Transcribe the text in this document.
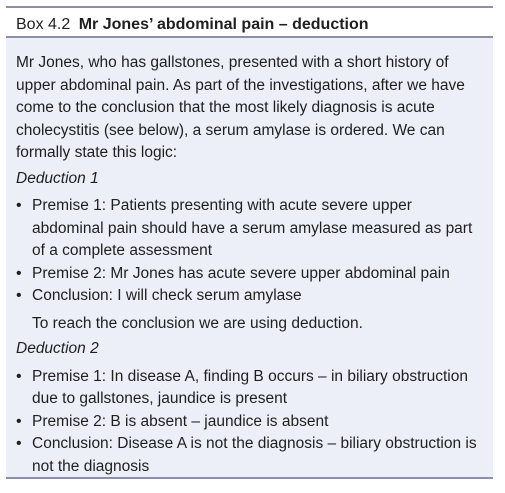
Box 4.2 Mr Jones’ abdominal pain – deduction

Mr Jones, who has gallstones, presented with a short history of upper abdominal pain. As part of the investigations, after we have come to the conclusion that the most likely diagnosis is acute cholecystitis (see below), a serum amylase is ordered. We can formally state this logic:

Deduction 1

• Premise 1: Patients presenting with acute severe upper abdominal pain should have a serum amylase measured as part of a complete assessment
• Premise 2: Mr Jones has acute severe upper abdominal pain
• Conclusion: I will check serum amylase

To reach the conclusion we are using deduction.

Deduction 2

• Premise 1: In disease A, finding B occurs – in biliary obstruction due to gallstones, jaundice is present
• Premise 2: B is absent – jaundice is absent
• Conclusion: Disease A is not the diagnosis – biliary obstruction is not the diagnosis
